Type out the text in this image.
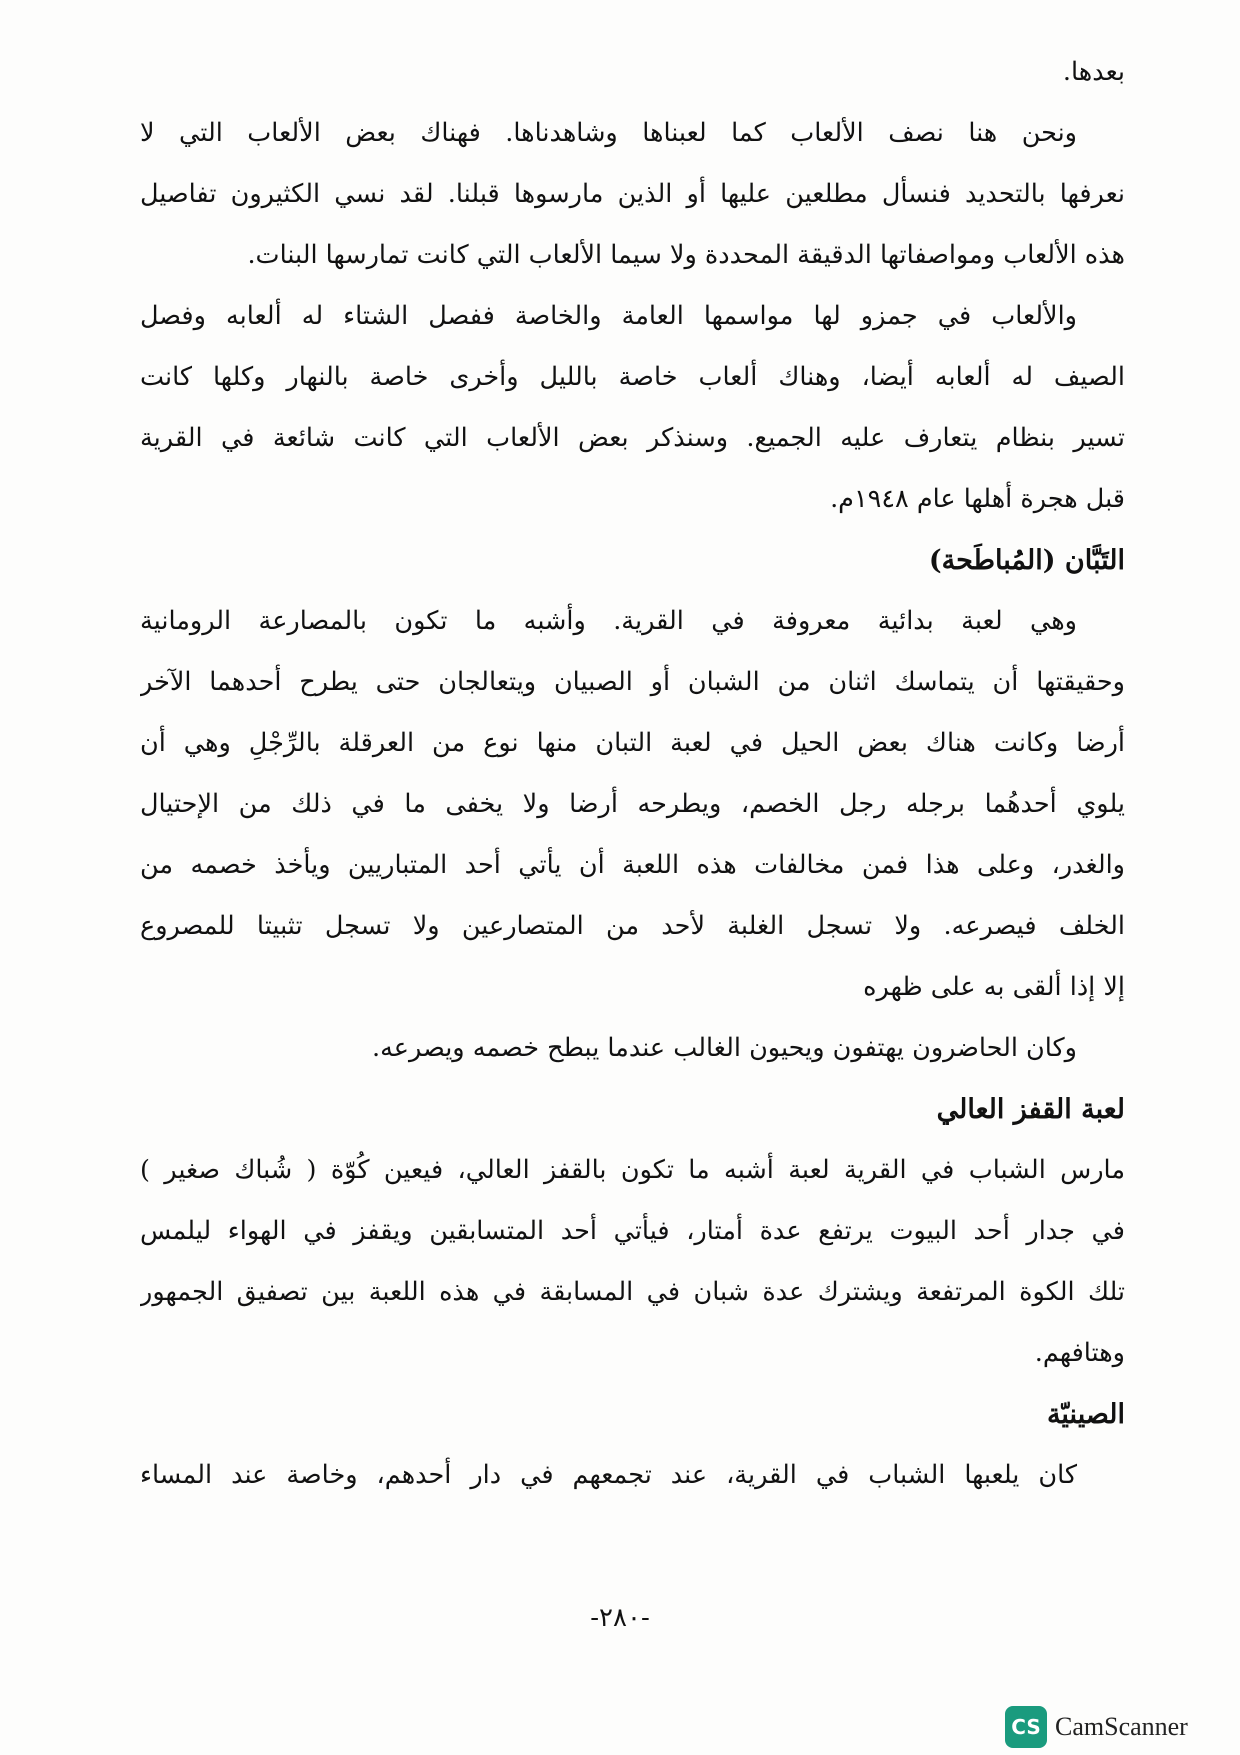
بعدها.
ونحن هنا نصف الألعاب كما لعبناها وشاهدناها. فهناك بعض الألعاب التي لا
نعرفها بالتحديد فنسأل مطلعين عليها أو الذين مارسوها قبلنا. لقد نسي الكثيرون تفاصيل
هذه الألعاب ومواصفاتها الدقيقة المحددة ولا سيما الألعاب التي كانت تمارسها البنات.
والألعاب في جمزو لها مواسمها العامة والخاصة ففصل الشتاء له ألعابه وفصل
الصيف له ألعابه أيضا، وهناك ألعاب خاصة بالليل وأخرى خاصة بالنهار وكلها كانت
تسير بنظام يتعارف عليه الجميع. وسنذكر بعض الألعاب التي كانت شائعة في القرية
قبل هجرة أهلها عام ١٩٤٨م.
التَبَّان (المُباطَحة)
وهي لعبة بدائية معروفة في القرية. وأشبه ما تكون بالمصارعة الرومانية
وحقيقتها أن يتماسك اثنان من الشبان أو الصبيان ويتعالجان حتى يطرح أحدهما الآخر
أرضا وكانت هناك بعض الحيل في لعبة التبان منها نوع من العرقلة بالرِّجْلِ وهي أن
يلوي أحدهُما برجله رجل الخصم، ويطرحه أرضا ولا يخفى ما في ذلك من الإحتيال
والغدر، وعلى هذا فمن مخالفات هذه اللعبة أن يأتي أحد المتباريين ويأخذ خصمه من
الخلف فيصرعه. ولا تسجل الغلبة لأحد من المتصارعين ولا تسجل تثبيتا للمصروع
إلا إذا ألقى به على ظهره
وكان الحاضرون يهتفون ويحيون الغالب عندما يبطح خصمه ويصرعه.
لعبة القفز العالي
مارس الشباب في القرية لعبة أشبه ما تكون بالقفز العالي، فيعين كُوّة ( شُباك صغير )
في جدار أحد البيوت يرتفع عدة أمتار، فيأتي أحد المتسابقين ويقفز في الهواء ليلمس
تلك الكوة المرتفعة ويشترك عدة شبان في المسابقة في هذه اللعبة بين تصفيق الجمهور
وهتافهم.
الصينيّة
كان يلعبها الشباب في القرية، عند تجمعهم في دار أحدهم، وخاصة عند المساء
-٢٨٠-
CS CamScanner
